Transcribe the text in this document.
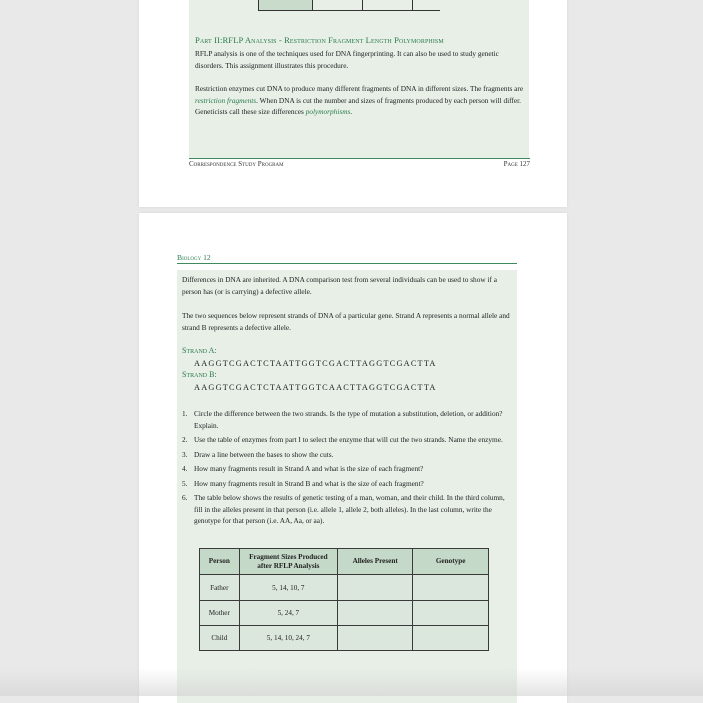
Part II:RFLP Analysis - Restriction Fragment Length Polymorphism
RFLP analysis is one of the techniques used for DNA fingerprinting. It can also be used to study genetic disorders. This assignment illustrates this procedure.
Restriction enzymes cut DNA to produce many different fragments of DNA in different sizes. The fragments are restriction fragments. When DNA is cut the number and sizes of fragments produced by each person will differ. Geneticists call these size differences polymorphisms.
Correspondence Study Program	Page 127
Biology 12
Differences in DNA are inherited. A DNA comparison test from several individuals can be used to show if a person has (or is carrying) a defective allele.
The two sequences below represent strands of DNA of a particular gene. Strand A represents a normal allele and strand B represents a defective allele.
Strand A:
AAGGTCGACTCTAATTGGTCGACTTAGGTCGACTTA
Strand B:
AAGGTCGACTCTAATTGGTCAACTTAGGTCGACTTA
1. Circle the difference between the two strands. Is the type of mutation a substitution, deletion, or addition? Explain.
2. Use the table of enzymes from part I to select the enzyme that will cut the two strands. Name the enzyme.
3. Draw a line between the bases to show the cuts.
4. How many fragments result in Strand A and what is the size of each fragment?
5. How many fragments result in Strand B and what is the size of each fragment?
6. The table below shows the results of genetic testing of a man, woman, and their child. In the third column, fill in the alleles present in that person (i.e. allele 1, allele 2, both alleles). In the last column, write the genotype for that person (i.e. AA, Aa, or aa).
Person	Fragment Sizes Produced after RFLP Analysis	Alleles Present	Genotype
Father	5, 14, 10, 7		
Mother	5, 24, 7		
Child	5, 14, 10, 24, 7		
